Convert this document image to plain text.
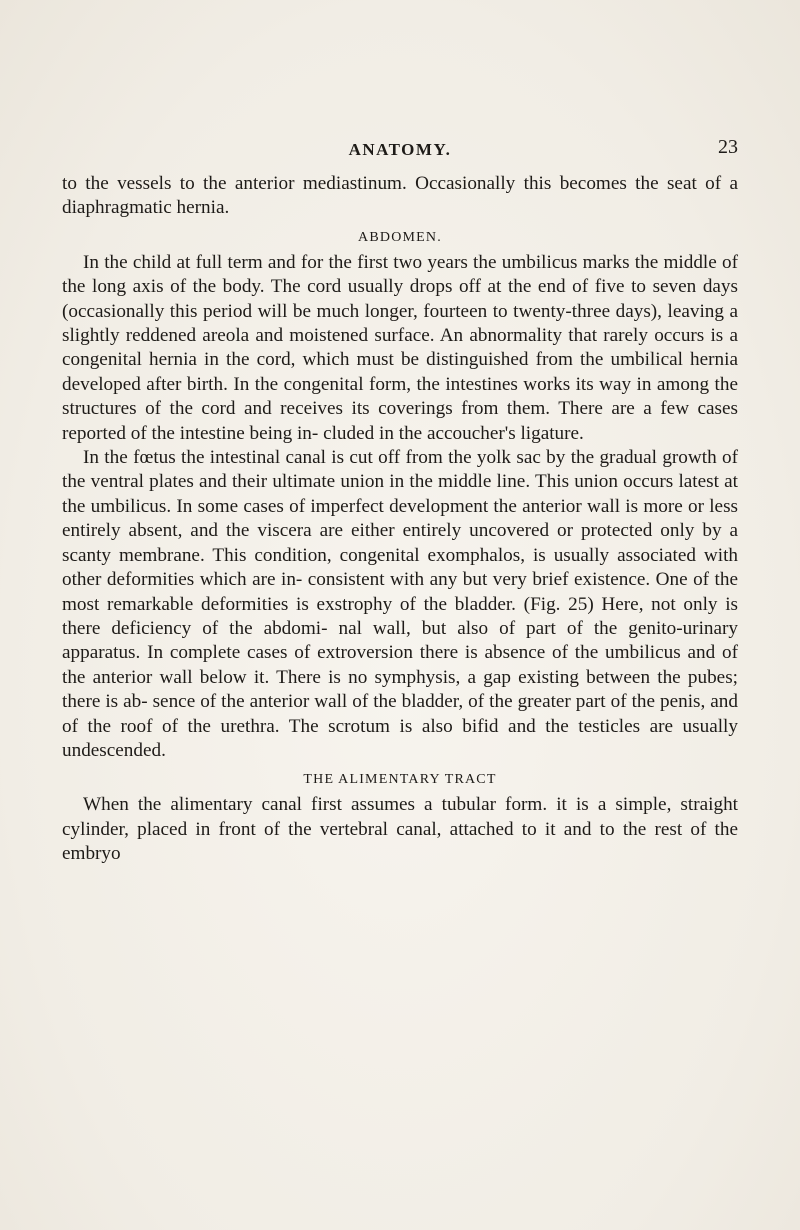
ANATOMY.	23

to the vessels to the anterior mediastinum. Occasionally this becomes the seat of a diaphragmatic hernia.

ABDOMEN.

In the child at full term and for the first two years the umbilicus marks the middle of the long axis of the body. The cord usually drops off at the end of five to seven days (occasionally this period will be much longer, fourteen to twenty-three days), leaving a slightly reddened areola and moistened surface. An abnormality that rarely occurs is a congenital hernia in the cord, which must be distinguished from the umbilical hernia developed after birth. In the congenital form, the intestines works its way in among the structures of the cord and receives its coverings from them. There are a few cases reported of the intestine being in- cluded in the accoucher's ligature.

In the fœtus the intestinal canal is cut off from the yolk sac by the gradual growth of the ventral plates and their ultimate union in the middle line. This union occurs latest at the umbilicus. In some cases of imperfect development the anterior wall is more or less entirely absent, and the viscera are either entirely uncovered or protected only by a scanty membrane. This condition, congenital exomphalos, is usually associated with other deformities which are in- consistent with any but very brief existence. One of the most remarkable deformities is exstrophy of the bladder. (Fig. 25) Here, not only is there deficiency of the abdomi- nal wall, but also of part of the genito-urinary apparatus. In complete cases of extroversion there is absence of the umbilicus and of the anterior wall below it. There is no symphysis, a gap existing between the pubes; there is ab- sence of the anterior wall of the bladder, of the greater part of the penis, and of the roof of the urethra. The scrotum is also bifid and the testicles are usually undescended.

THE ALIMENTARY TRACT

When the alimentary canal first assumes a tubular form. it is a simple, straight cylinder, placed in front of the vertebral canal, attached to it and to the rest of the embryo
